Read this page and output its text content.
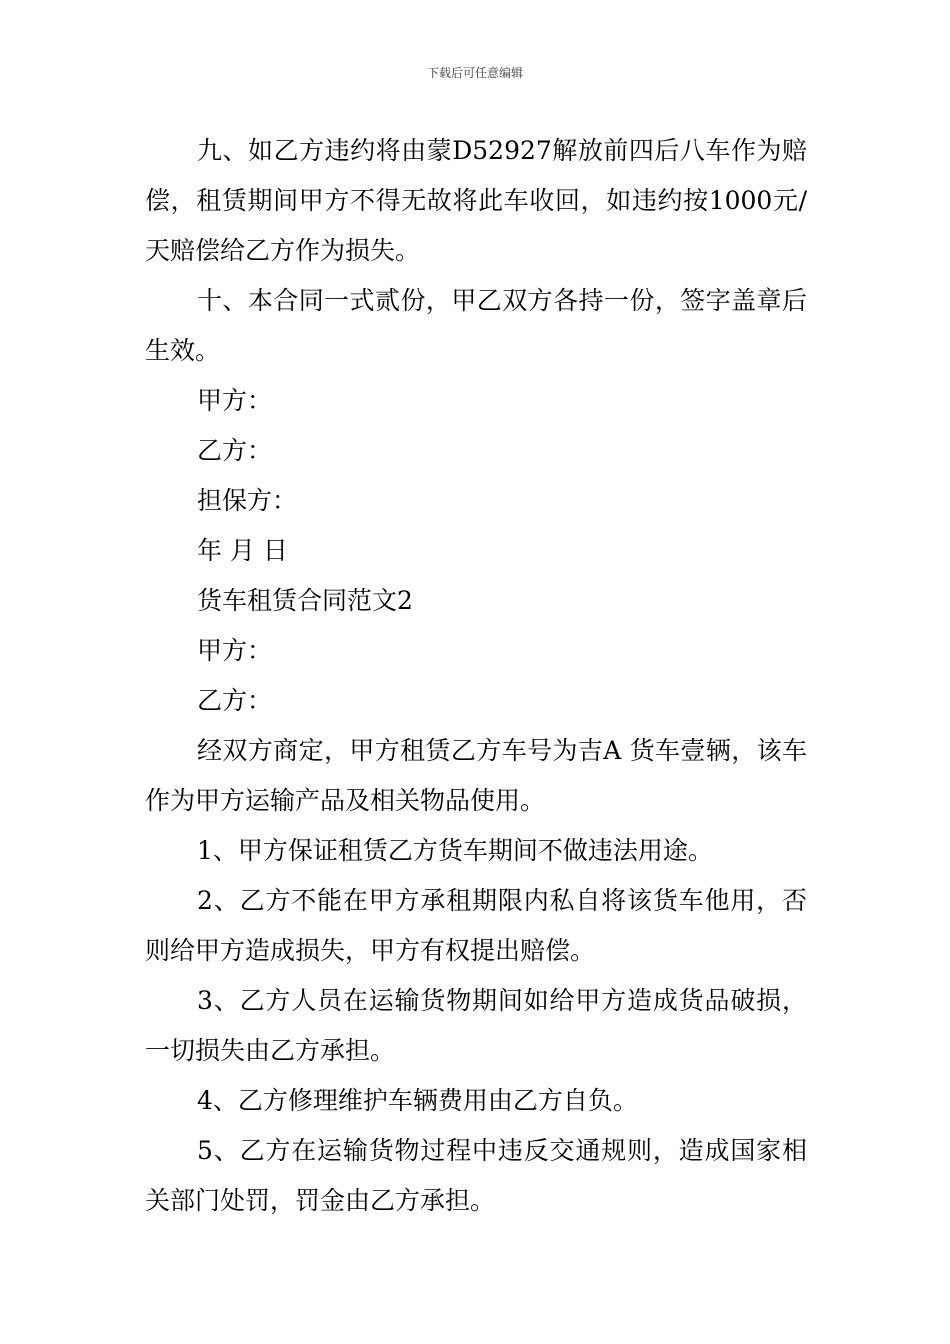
下载后可任意编辑

九、如乙方违约将由蒙D52927解放前四后八车作为赔偿，租赁期间甲方不得无故将此车收回，如违约按1000元/天赔偿给乙方作为损失。

十、本合同一式贰份，甲乙双方各持一份，签字盖章后生效。

甲方：

乙方：

担保方：

年 月 日

货车租赁合同范文2

甲方：

乙方：

经双方商定，甲方租赁乙方车号为吉A 货车壹辆，该车作为甲方运输产品及相关物品使用。

1、甲方保证租赁乙方货车期间不做违法用途。

2、乙方不能在甲方承租期限内私自将该货车他用，否则给甲方造成损失，甲方有权提出赔偿。

3、乙方人员在运输货物期间如给甲方造成货品破损，一切损失由乙方承担。

4、乙方修理维护车辆费用由乙方自负。

5、乙方在运输货物过程中违反交通规则，造成国家相关部门处罚，罚金由乙方承担。
